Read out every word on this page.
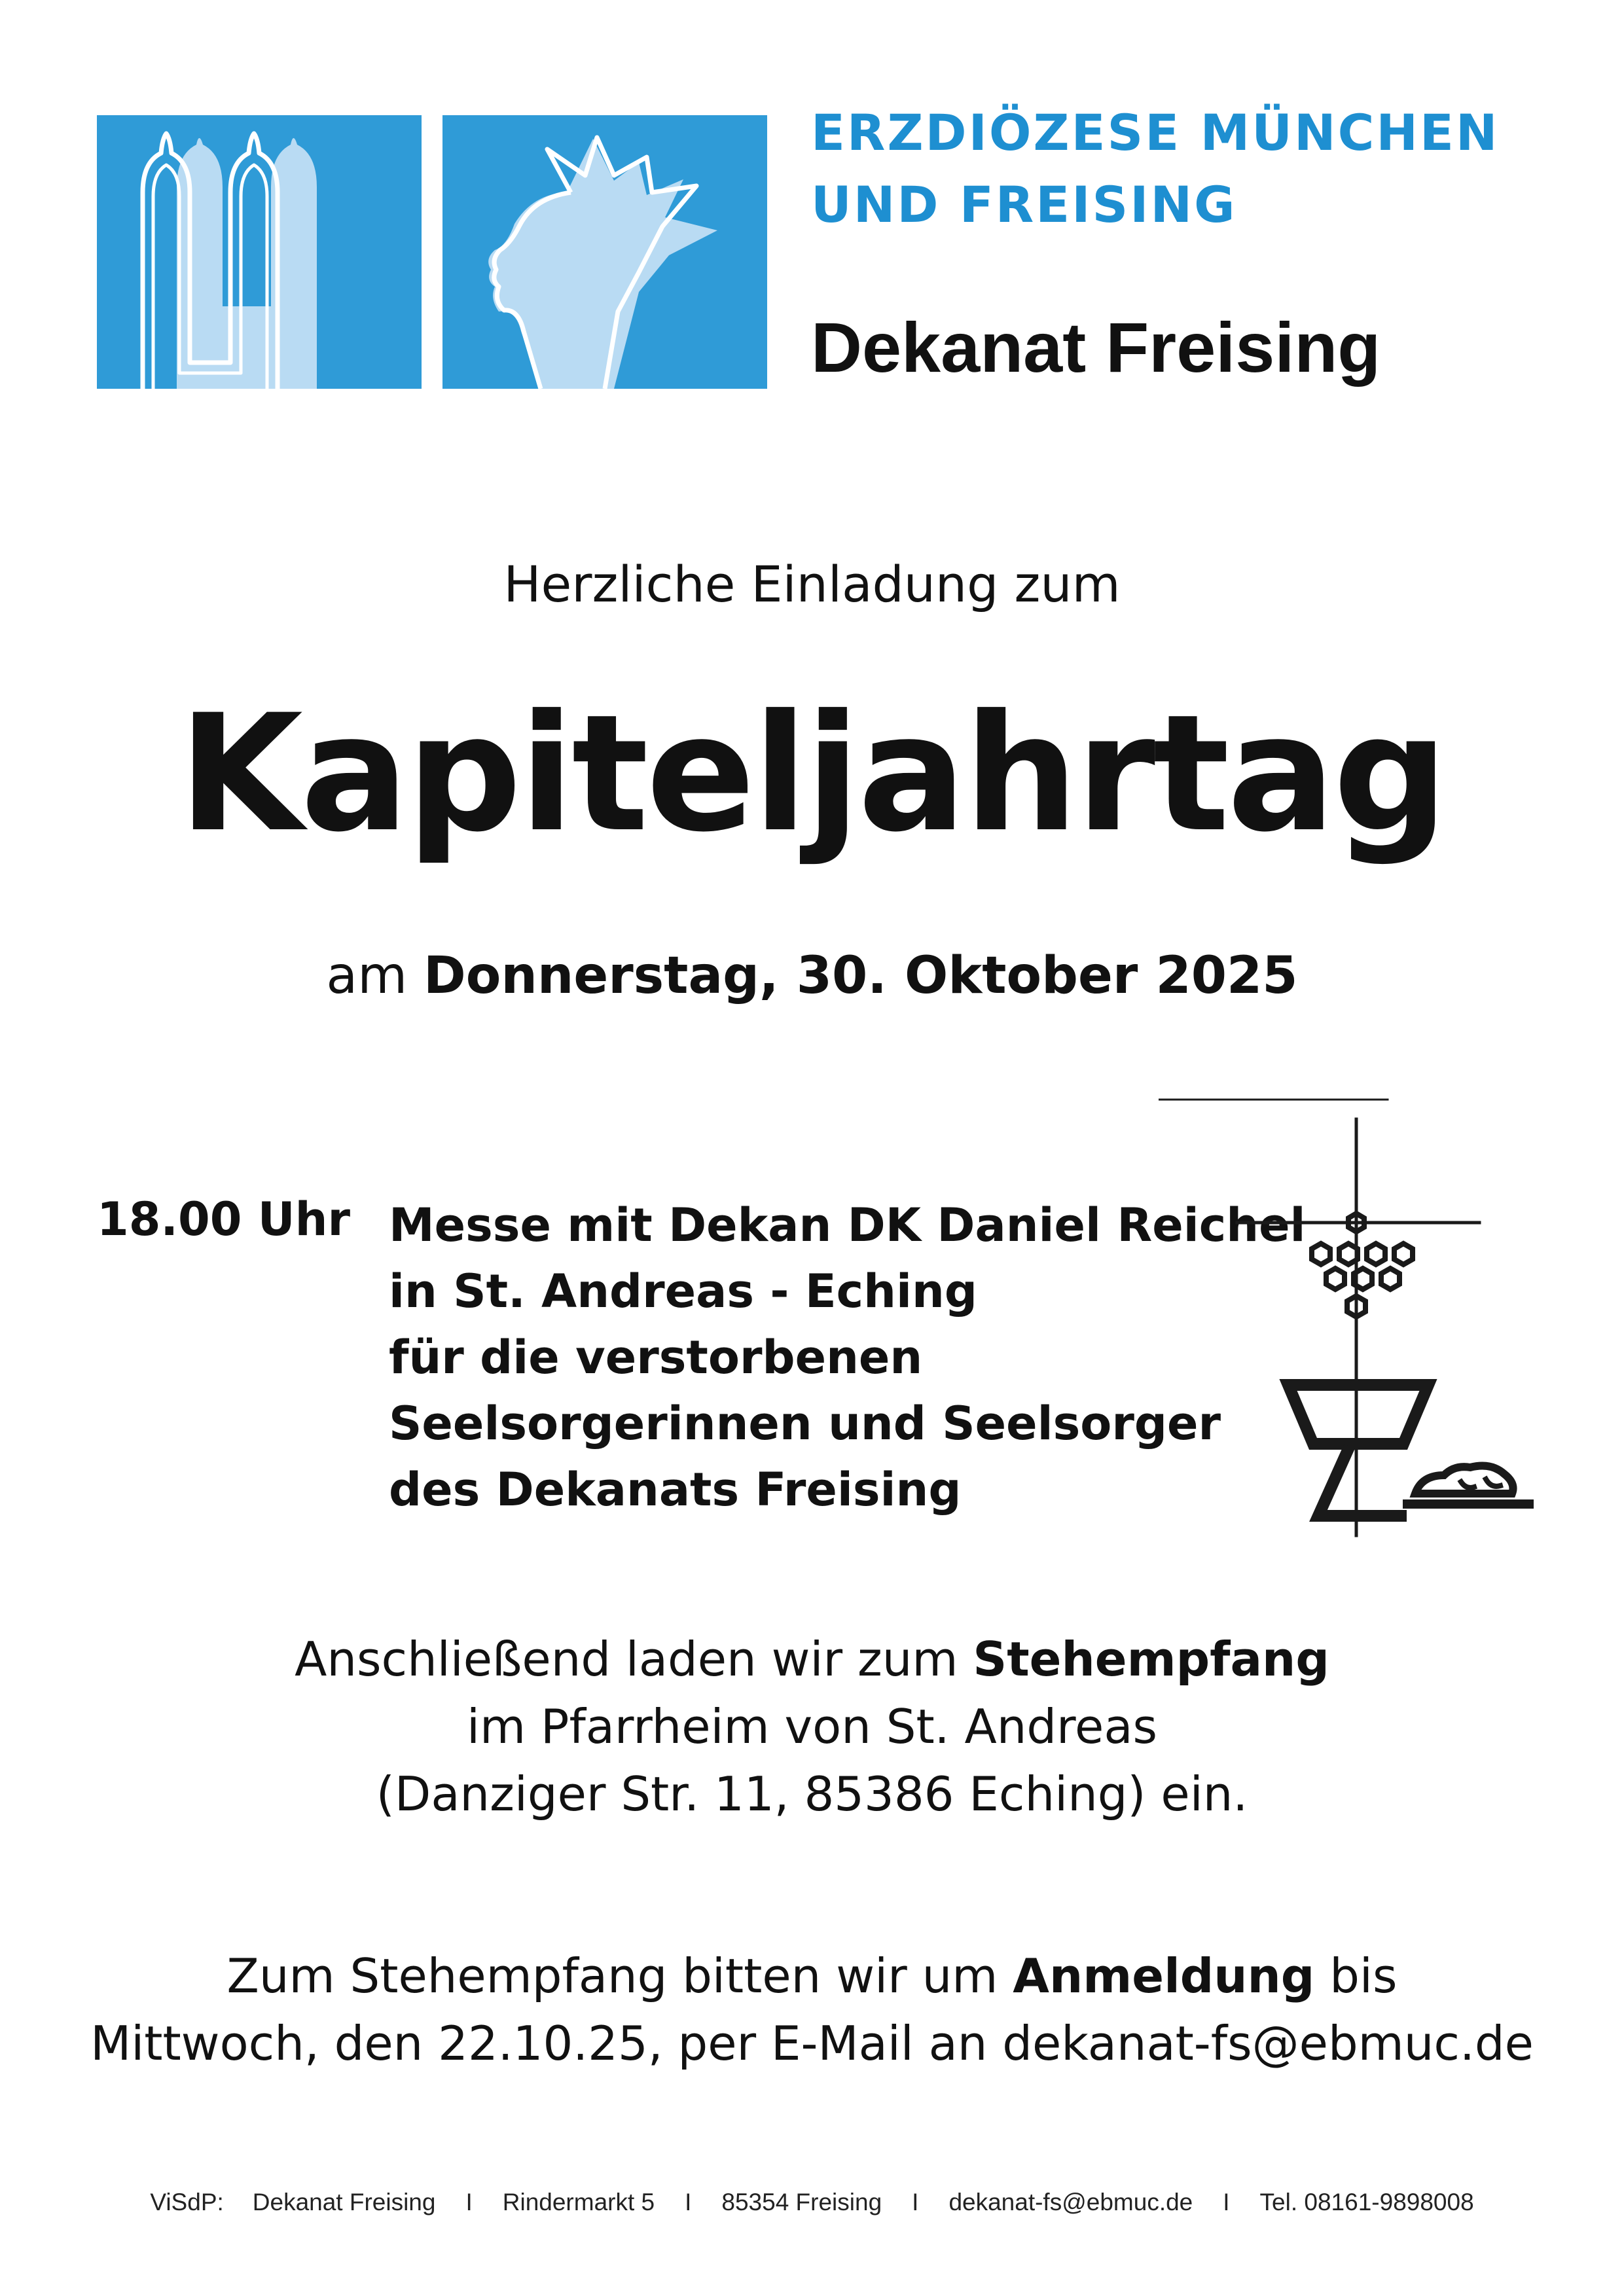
ERZDIÖZESE MÜNCHEN
UND FREISING
Dekanat Freising
Herzliche Einladung zum
Kapiteljahrtag
am Donnerstag, 30. Oktober 2025
18.00 Uhr Messe mit Dekan DK Daniel Reichel
in St. Andreas - Eching
für die verstorbenen
Seelsorgerinnen und Seelsorger
des Dekanats Freising
Anschließend laden wir zum Stehempfang
im Pfarrheim von St. Andreas
(Danziger Str. 11, 85386 Eching) ein.
Zum Stehempfang bitten wir um Anmeldung bis
Mittwoch, den 22.10.25, per E-Mail an dekanat-fs@ebmuc.de
ViSdP: Dekanat Freising I Rindermarkt 5 I 85354 Freising I dekanat-fs@ebmuc.de I Tel. 08161-9898008
